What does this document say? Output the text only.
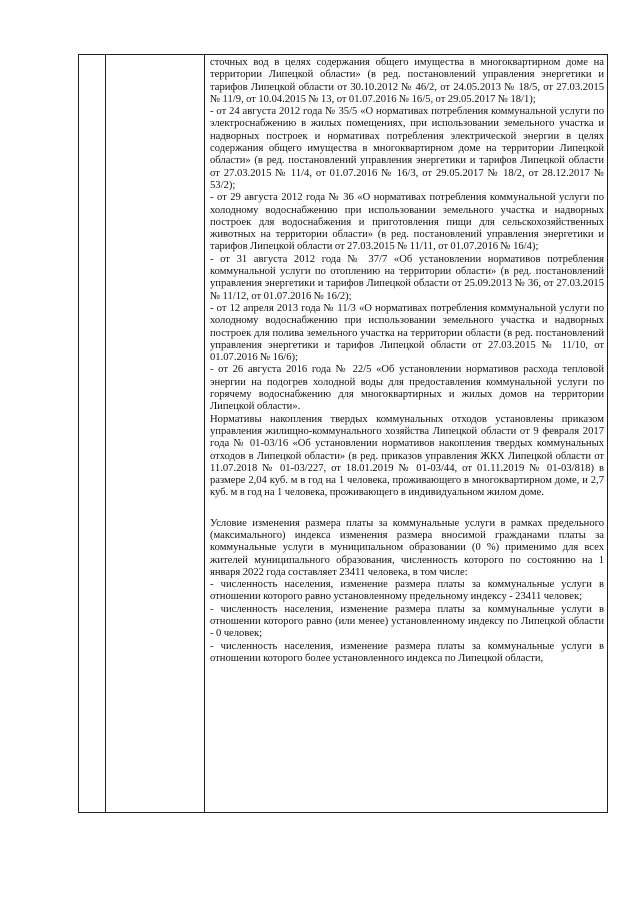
сточных вод в целях содержания общего имущества в многоквартирном доме на территории Липецкой области» (в ред. постановлений управления энергетики и тарифов Липецкой области от 30.10.2012 № 46/2, от 24.05.2013 № 18/5, от 27.03.2015 № 11/9, от 10.04.2015 № 13, от 01.07.2016 № 16/5, от 29.05.2017 № 18/1);

- от 24 августа 2012 года № 35/5 «О нормативах потребления коммунальной услуги по электроснабжению в жилых помещениях, при использовании земельного участка и надворных построек и нормативах потребления электрической энергии в целях содержания общего имущества в многоквартирном доме на территории Липецкой области» (в ред. постановлений управления энергетики и тарифов Липецкой области от 27.03.2015 № 11/4, от 01.07.2016 № 16/3, от 29.05.2017 № 18/2, от 28.12.2017 № 53/2);

- от 29 августа 2012 года № 36 «О нормативах потребления коммунальной услуги по холодному водоснабжению при использовании земельного участка и надворных построек для водоснабжения и приготовления пищи для сельскохозяйственных животных на территории области» (в ред. постановлений управления энергетики и тарифов Липецкой области от 27.03.2015 № 11/11, от 01.07.2016 № 16/4);

- от 31 августа 2012 года № 37/7 «Об установлении нормативов потребления коммунальной услуги по отоплению на территории области» (в ред. постановлений управления энергетики и тарифов Липецкой области от 25.09.2013 № 36, от 27.03.2015 № 11/12, от 01.07.2016 № 16/2);

- от 12 апреля 2013 года № 11/3 «О нормативах потребления коммунальной услуги по холодному водоснабжению при использовании земельного участка и надворных построек для полива земельного участка на территории области (в ред. постановлений управления энергетики и тарифов Липецкой области от 27.03.2015 № 11/10, от 01.07.2016 № 16/6);

- от 26 августа 2016 года № 22/5 «Об установлении нормативов расхода тепловой энергии на подогрев холодной воды для предоставления коммунальной услуги по горячему водоснабжению для многоквартирных и жилых домов на территории Липецкой области».

Нормативы накопления твердых коммунальных отходов установлены приказом управления жилищно-коммунального хозяйства Липецкой области от 9 февраля 2017 года № 01-03/16 «Об установлении нормативов накопления твердых коммунальных отходов в Липецкой области» (в ред. приказов управления ЖКХ Липецкой области от 11.07.2018 № 01-03/227, от 18.01.2019 № 01-03/44, от 01.11.2019 № 01-03/818) в размере 2,04 куб. м в год на 1 человека, проживающего в многоквартирном доме, и 2,7 куб. м в год на 1 человека, проживающего в индивидуальном жилом доме.

Условие изменения размера платы за коммунальные услуги в рамках предельного (максимального) индекса изменения размера вносимой гражданами платы за коммунальные услуги в муниципальном образовании (0 %) применимо для всех жителей муниципального образования, численность которого по состоянию на 1 января 2022 года составляет 23411 человека, в том числе:

- численность населения, изменение размера платы за коммунальные услуги в отношении которого равно установленному предельному индексу - 23411 человек;

- численность населения, изменение размера платы за коммунальные услуги в отношении которого равно (или менее) установленному индексу по Липецкой области - 0 человек;

- численность населения, изменение размера платы за коммунальные услуги в отношении которого более установленного индекса по Липецкой области,
